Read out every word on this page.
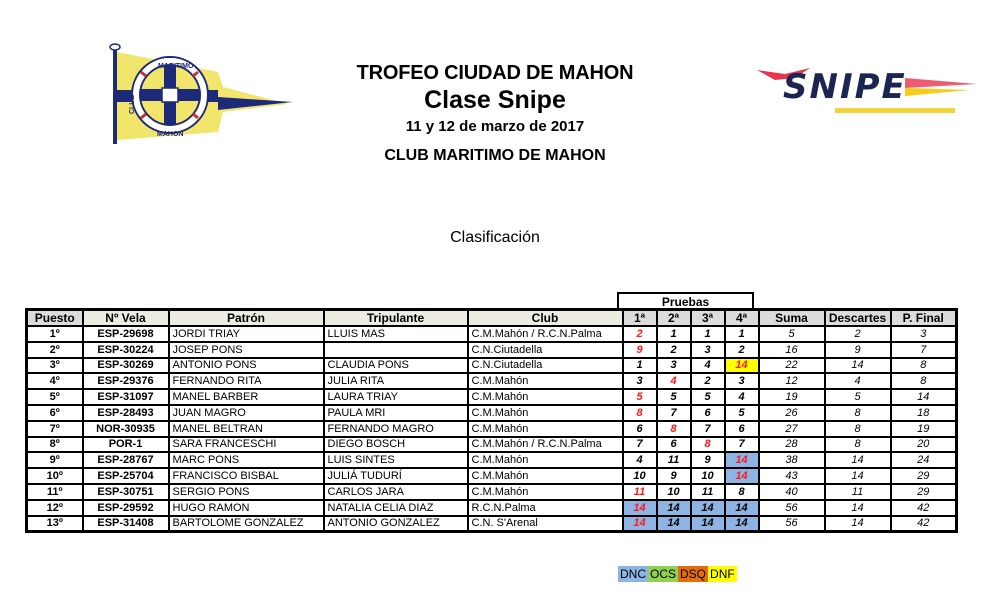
MARITIMO
MAHON
CLUB
TROFEO CIUDAD DE MAHON
Clase Snipe
11 y 12 de marzo de 2017
CLUB MARITIMO DE MAHON
SNIPE
Clasificación
Pruebas
Puesto	Nº Vela	Patrón	Tripulante	Club	1ª	2ª	3ª	4ª	Suma	Descartes	P. Final
1º	ESP-29698	JORDI TRIAY	LLUIS MAS	C.M.Mahón / R.C.N.Palma	2	1	1	1	5	2	3
2º	ESP-30224	JOSEP PONS		C.N.Ciutadella	9	2	3	2	16	9	7
3º	ESP-30269	ANTONIO PONS	CLAUDIA PONS	C.N.Ciutadella	1	3	4	14	22	14	8
4º	ESP-29376	FERNANDO RITA	JULIA RITA	C.M.Mahón	3	4	2	3	12	4	8
5º	ESP-31097	MANEL BARBER	LAURA TRIAY	C.M.Mahón	5	5	5	4	19	5	14
6º	ESP-28493	JUAN MAGRO	PAULA MRI	C.M.Mahón	8	7	6	5	26	8	18
7º	NOR-30935	MANEL BELTRAN	FERNANDO MAGRO	C.M.Mahón	6	8	7	6	27	8	19
8º	POR-1	SARA FRANCESCHI	DIEGO BOSCH	C.M.Mahón / R.C.N.Palma	7	6	8	7	28	8	20
9º	ESP-28767	MARC PONS	LUIS SINTES	C.M.Mahón	4	11	9	14	38	14	24
10º	ESP-25704	FRANCISCO BISBAL	JULIÁ TUDURÍ	C.M.Mahón	10	9	10	14	43	14	29
11º	ESP-30751	SERGIO PONS	CARLOS JARA	C.M.Mahón	11	10	11	8	40	11	29
12º	ESP-29592	HUGO RAMON	NATALIA CELIA DIAZ	R.C.N.Palma	14	14	14	14	56	14	42
13º	ESP-31408	BARTOLOME GONZALEZ	ANTONIO GONZALEZ	C.N. S'Arenal	14	14	14	14	56	14	42
DNC OCS DSQ DNF
